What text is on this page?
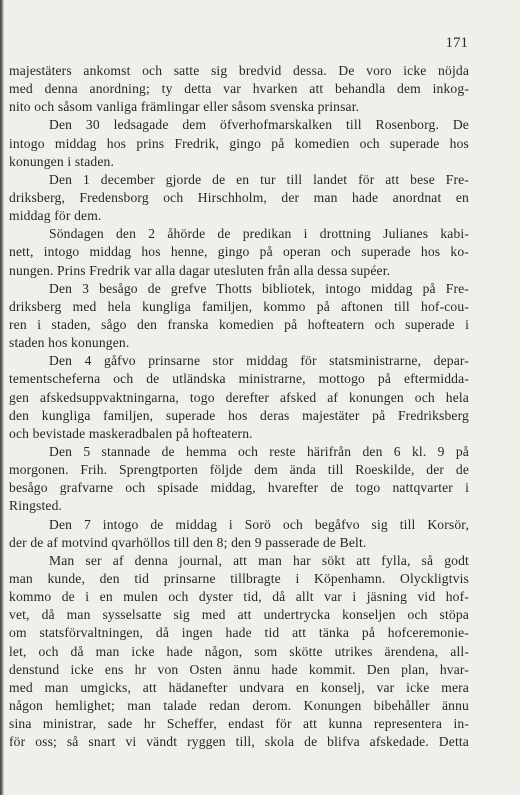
171
majestäters ankomst och satte sig bredvid dessa. De voro icke nöjda
med denna anordning; ty detta var hvarken att behandla dem inkog-
nito och såsom vanliga främlingar eller såsom svenska prinsar.
Den 30 ledsagade dem öfverhofmarskalken till Rosenborg. De
intogo middag hos prins Fredrik, gingo på komedien och superade hos
konungen i staden.
Den 1 december gjorde de en tur till landet för att bese Fre-
driksberg, Fredensborg och Hirschholm, der man hade anordnat en
middag för dem.
Söndagen den 2 åhörde de predikan i drottning Julianes kabi-
nett, intogo middag hos henne, gingo på operan och superade hos ko-
nungen. Prins Fredrik var alla dagar utesluten från alla dessa supéer.
Den 3 besågo de grefve Thotts bibliotek, intogo middag på Fre-
driksberg med hela kungliga familjen, kommo på aftonen till hof-cou-
ren i staden, sågo den franska komedien på hofteatern och superade i
staden hos konungen.
Den 4 gåfvo prinsarne stor middag för statsministrarne, depar-
tementscheferna och de utländska ministrarne, mottogo på eftermidda-
gen afskedsuppvaktningarna, togo derefter afsked af konungen och hela
den kungliga familjen, superade hos deras majestäter på Fredriksberg
och bevistade maskeradbalen på hofteatern.
Den 5 stannade de hemma och reste härifrån den 6 kl. 9 på
morgonen. Frih. Sprengtporten följde dem ända till Roeskilde, der de
besågo grafvarne och spisade middag, hvarefter de togo nattqvarter i
Ringsted.
Den 7 intogo de middag i Sorö och begåfvo sig till Korsör,
der de af motvind qvarhöllos till den 8; den 9 passerade de Belt.
Man ser af denna journal, att man har sökt att fylla, så godt
man kunde, den tid prinsarne tillbragte i Köpenhamn. Olyckligtvis
kommo de i en mulen och dyster tid, då allt var i jäsning vid hof-
vet, då man sysselsatte sig med att undertrycka konseljen och stöpa
om statsförvaltningen, då ingen hade tid att tänka på hofceremonie-
let, och då man icke hade någon, som skötte utrikes ärendena, all-
denstund icke ens hr von Osten ännu hade kommit. Den plan, hvar-
med man umgicks, att hädanefter undvara en konselj, var icke mera
någon hemlighet; man talade redan derom. Konungen bibehåller ännu
sina ministrar, sade hr Scheffer, endast för att kunna representera in-
för oss; så snart vi vändt ryggen till, skola de blifva afskedade. Detta
